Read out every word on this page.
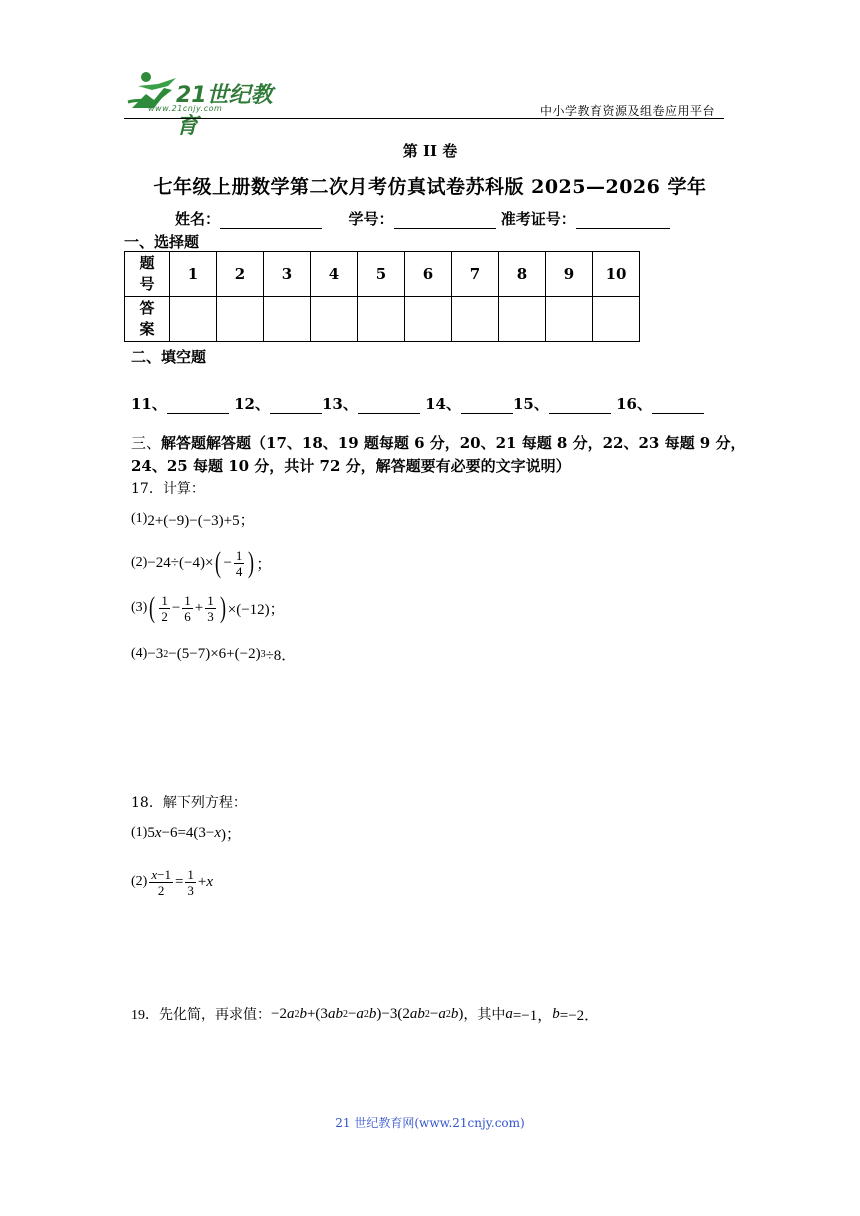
21世纪教育
www.21cnjy.com	中小学教育资源及组卷应用平台
第 II 卷
七年级上册数学第二次月考仿真试卷苏科版 2025—2026 学年
姓名：	学号：	准考证号：
一、选择题
题号	1	2	3	4	5	6	7	8	9	10
答案										
二、填空题
11、	12、	13、	14、	15、	16、
三、解答题解答题（17、18、19 题每题 6 分，20、21 每题 8 分，22、23 每题 9 分，24、25 每题 10 分，共计 72 分，解答题要有必要的文字说明）
17．计算：
(1) 2+(−9)−(−3)+5；
(2) −24÷(−4)× ( − $\frac{1}{4}$ ) ；
(3) ( $\frac{1}{2} - \frac{1}{6} + \frac{1}{3}$ ) ×(−12)；
(4) −3 2 −(5−7)×6+(−2) 3 ÷8．
18．解下列方程：
(1) 5 x −6=4(3− x )；
$(2) \frac{x-1}{2} = \frac{1}{3} + x$
19．先化简，再求值： −2 a 2 b +(3 ab 2 − a 2 b )−3(2 ab 2 − a 2 b ) ，其中 a =−1， b =−2．
21 世纪教育网(www.21cnjy.com)
